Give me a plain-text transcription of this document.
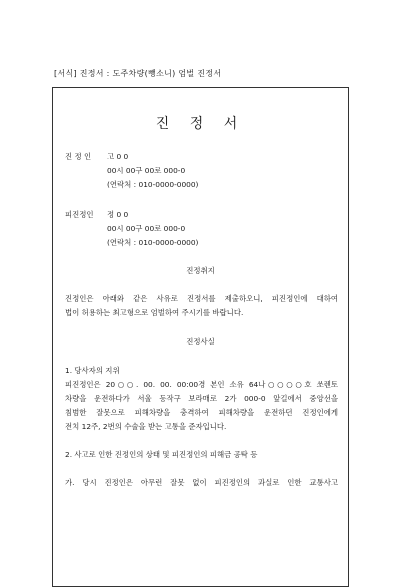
[서식] 진정서 : 도주차량(뺑소니) 엄벌 진정서
진 정 서
진 정 인 고 0 0
00시 00구 00로 000-0
(연락처 : 010-0000-0000)
피진정인 정 0 0
00시 00구 00로 000-0
(연락처 : 010-0000-0000)
진정취지
진정인은 아래와 같은 사유로 진정서를 제출하오니, 피진정인에 대하여
법이 허용하는 최고형으로 엄벌하여 주시기를 바랍니다.
진정사실
1. 당사자의 지위
피진정인은 20○○. 00. 00. 00:00경 본인 소유 64나○○○○호 쏘렌토
차량을 운전하다가 서울 동작구 보라매로 2가 000-0 앞길에서 중앙선을
침범한 잘못으로 피해차량을 충격하여 피해차량을 운전하던 진정인에게
전치 12주, 2번의 수술을 받는 고통을 준자입니다.
2. 사고로 인한 진정인의 상태 및 피진정인의 피해금 공탁 등
가. 당시 진정인은 아무런 잘못 없이 피진정인의 과실로 인한 교통사고
